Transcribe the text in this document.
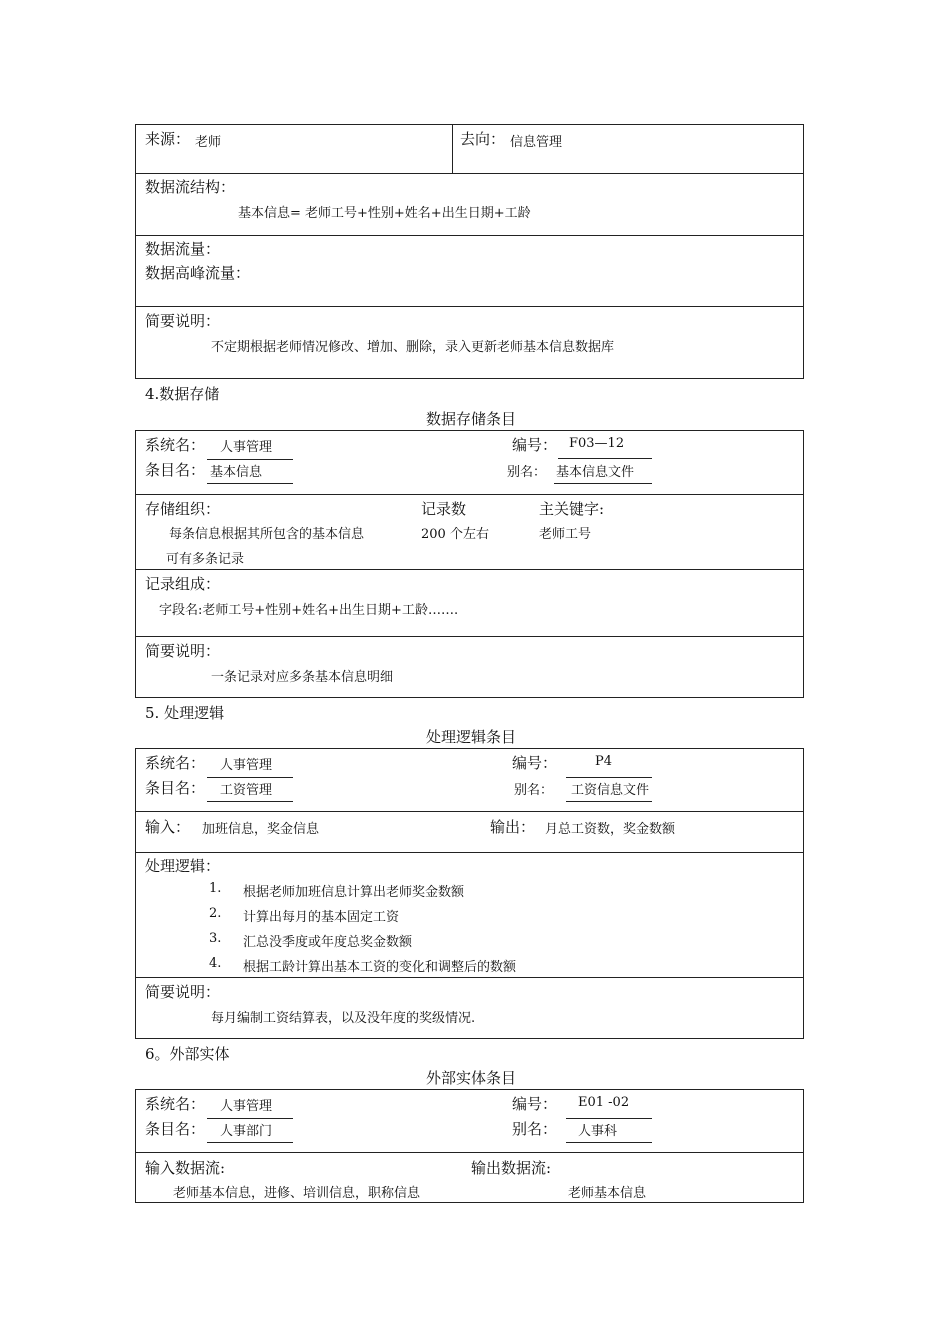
来源： 老师	去向： 信息管理
数据流结构：
基本信息= 老师工号+性别+姓名+出生日期+工龄
数据流量：
数据高峰流量：
简要说明：
不定期根据老师情况修改、增加、删除，录入更新老师基本信息数据库
4.数据存储
数据存储条目
系统名： 人事管理	编号： F03—12
条目名： 基本信息	别名： 基本信息文件
存储组织：
每条信息根据其所包含的基本信息
可有多条记录
记录数
200 个左右
主关键字:
老师工号
记录组成：
字段名:老师工号+性别+姓名+出生日期+工龄…….
简要说明：
一条记录对应多条基本信息明细
5. 处理逻辑
处理逻辑条目
系统名： 人事管理	编号：	P4
条目名： 工资管理	别名： 工资信息文件
输入： 加班信息，奖金信息	输出： 月总工资数，奖金数额
处理逻辑：
1. 根据老师加班信息计算出老师奖金数额
2. 计算出每月的基本固定工资
3. 汇总没季度或年度总奖金数额
4. 根据工龄计算出基本工资的变化和调整后的数额
简要说明：
每月编制工资结算表，以及没年度的奖级情况.
6。外部实体
外部实体条目
系统名： 人事管理	编号： E01 -02
条目名： 人事部门	别名： 人事科
输入数据流:
老师基本信息，进修、培训信息，职称信息
输出数据流:
老师基本信息
